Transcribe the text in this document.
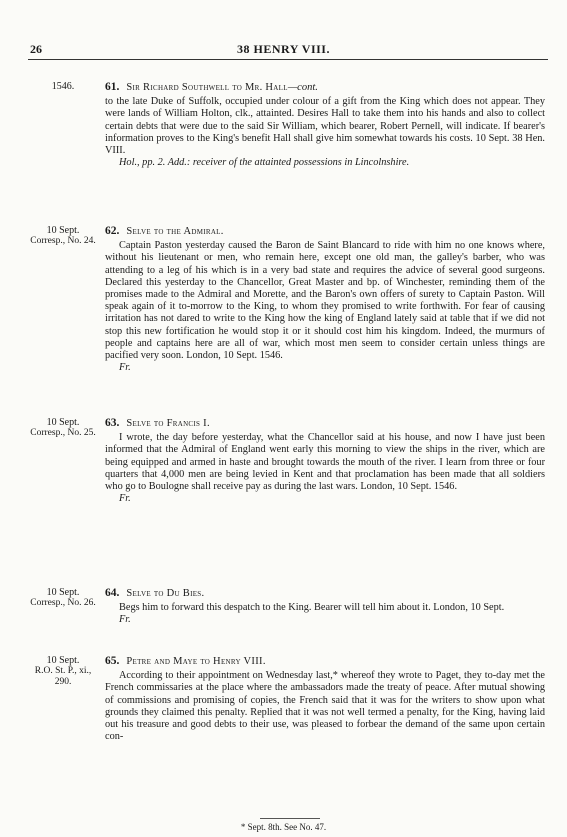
26	38 HENRY VIII.
1546.	61. Sir Richard Southwell to Mr. Hall—cont.

to the late Duke of Suffolk, occupied under colour of a gift from the King which does not appear. They were lands of William Holton, clk., attainted. Desires Hall to take them into his hands and also to collect certain debts that were due to the said Sir William, which bearer, Robert Pernell, will indicate. If bearer's information proves to the King's benefit Hall shall give him somewhat towards his costs. 10 Sept. 38 Hen. VIII.

Hol., pp. 2. Add.: receiver of the attainted possessions in Lincolnshire.

10 Sept.
Corresp., No. 24.
62. Selve to the Admiral.

Captain Paston yesterday caused the Baron de Saint Blancard to ride with him no one knows where, without his lieutenant or men, who remain here, except one old man, the galley's barber, who was attending to a leg of his which is in a very bad state and requires the advice of several good surgeons. Declared this yesterday to the Chancellor, Great Master and bp. of Winchester, reminding them of the promises made to the Admiral and Morette, and the Baron's own offers of surety to Captain Paston. Will speak again of it to-morrow to the King, to whom they promised to write forthwith. For fear of causing irritation has not dared to write to the King how the king of England lately said at table that if we did not stop this new fortification he would stop it or it should cost him his kingdom. Indeed, the murmurs of people and captains here are all of war, which most men seem to consider certain unless things are pacified very soon. London, 10 Sept. 1546.

Fr.

10 Sept.
Corresp., No. 25.
63. Selve to Francis I.

I wrote, the day before yesterday, what the Chancellor said at his house, and now I have just been informed that the Admiral of England went early this morning to view the ships in the river, which are being equipped and armed in haste and brought towards the mouth of the river. I learn from three or four quarters that 4,000 men are being levied in Kent and that proclamation has been made that all soldiers who go to Boulogne shall receive pay as during the last wars. London, 10 Sept. 1546.

Fr.

10 Sept.
Corresp., No. 26.
64. Selve to Du Bies.

Begs him to forward this despatch to the King. Bearer will tell him about it. London, 10 Sept.

Fr.

10 Sept.
R.O. St. P., xi., 290.
65. Petre and Maye to Henry VIII.

According to their appointment on Wednesday last,* whereof they wrote to Paget, they to-day met the French commissaries at the place where the ambassadors made the treaty of peace. After mutual showing of commissions and promising of copies, the French said that it was for the writers to show upon what grounds they claimed this penalty. Replied that it was not well termed a penalty, for the King, having laid out his treasure and good debts to their use, was pleased to forbear the demand of the same upon certain con-

* Sept. 8th. See No. 47.
